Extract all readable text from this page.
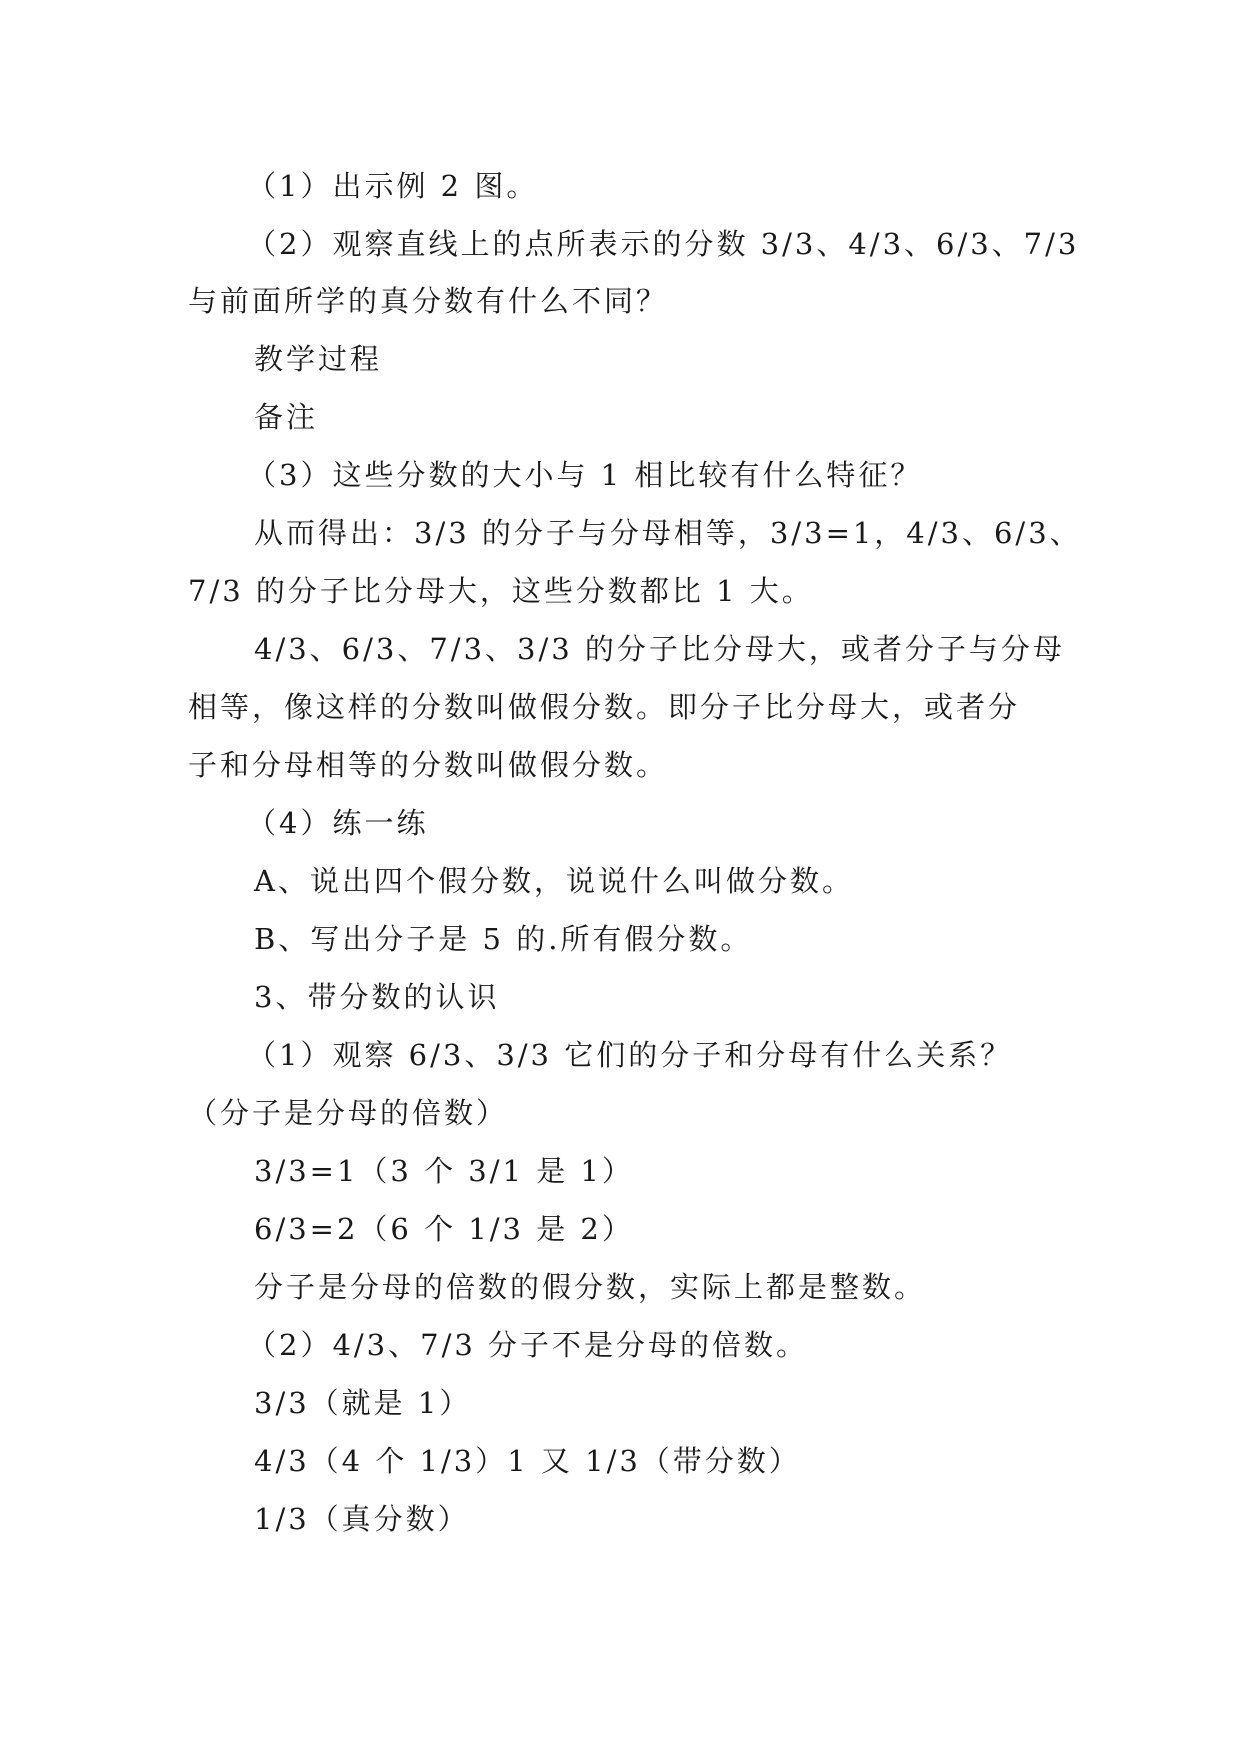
（1）出示例 2 图。
（2）观察直线上的点所表示的分数 3/3、4/3、6/3、7/3
与前面所学的真分数有什么不同？
教学过程
备注
（3）这些分数的大小与 1 相比较有什么特征？
从而得出：3/3 的分子与分母相等，3/3=1，4/3、6/3、
7/3 的分子比分母大，这些分数都比 1 大。
4/3、6/3、7/3、3/3 的分子比分母大，或者分子与分母
相等，像这样的分数叫做假分数。即分子比分母大，或者分
子和分母相等的分数叫做假分数。
（4）练一练
A、说出四个假分数，说说什么叫做分数。
B、写出分子是 5 的.所有假分数。
3、带分数的认识
（1）观察 6/3、3/3 它们的分子和分母有什么关系？
（分子是分母的倍数）
3/3=1（3 个 3/1 是 1）
6/3=2（6 个 1/3 是 2）
分子是分母的倍数的假分数，实际上都是整数。
（2）4/3、7/3 分子不是分母的倍数。
3/3（就是 1）
4/3（4 个 1/3）1 又 1/3（带分数）
1/3（真分数）
